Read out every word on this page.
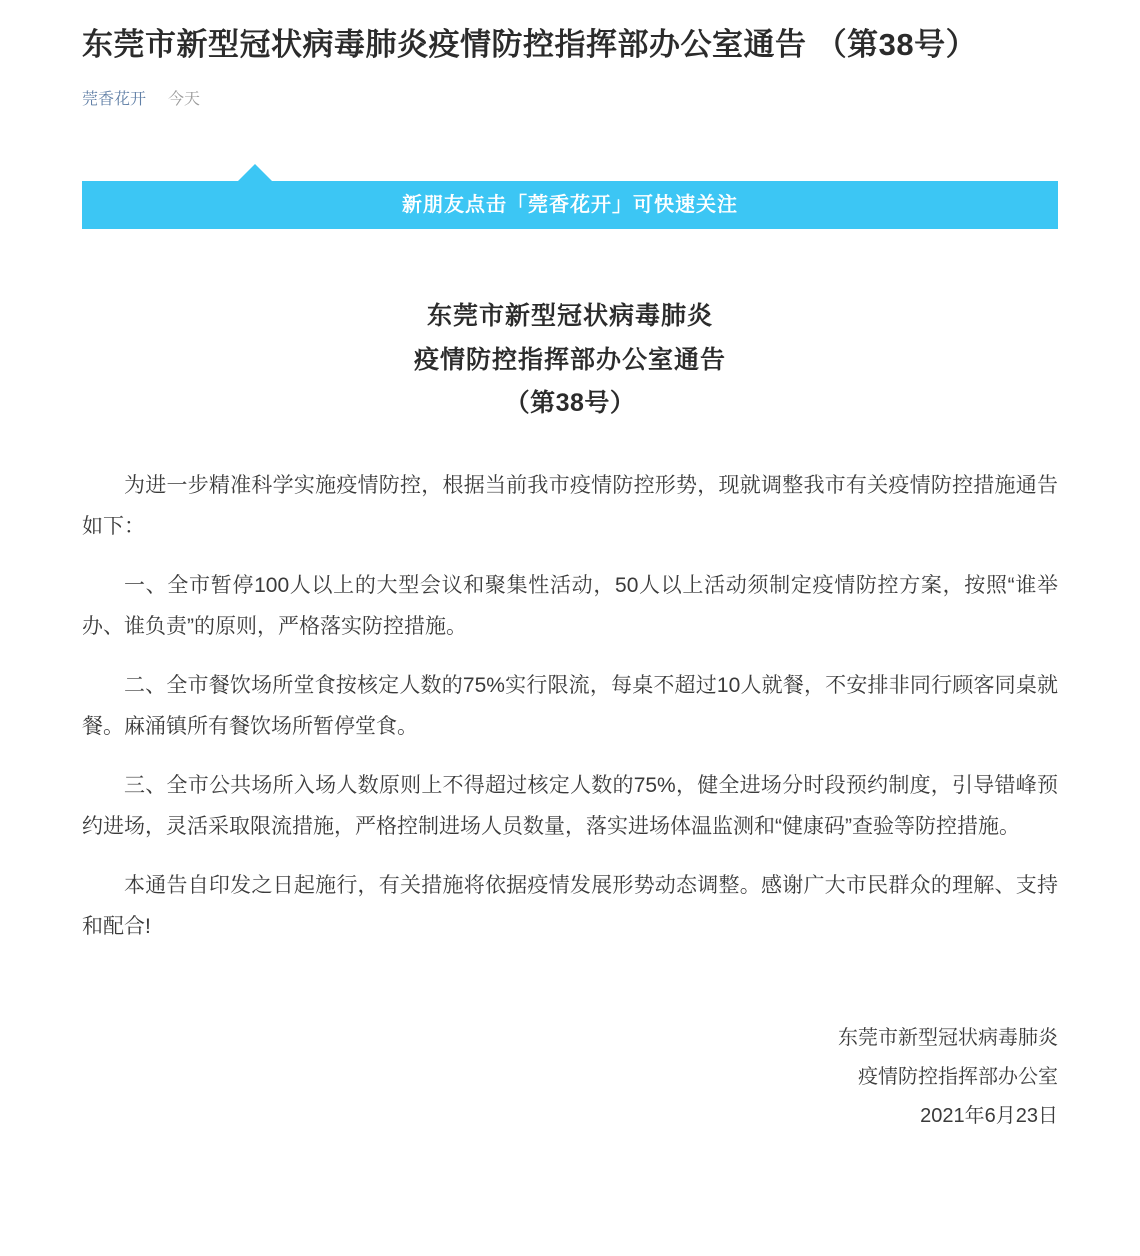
东莞市新型冠状病毒肺炎疫情防控指挥部办公室通告 （第38号）
莞香花开 今天
新朋友点击「莞香花开」可快速关注
东莞市新型冠状病毒肺炎
疫情防控指挥部办公室通告
（第38号）

为进一步精准科学实施疫情防控，根据当前我市疫情防控形势，现就调整我市有关疫情防控措施通告如下：

一、全市暂停100人以上的大型会议和聚集性活动，50人以上活动须制定疫情防控方案，按照“谁举办、谁负责”的原则，严格落实防控措施。

二、全市餐饮场所堂食按核定人数的75%实行限流，每桌不超过10人就餐，不安排非同行顾客同桌就餐。麻涌镇所有餐饮场所暂停堂食。

三、全市公共场所入场人数原则上不得超过核定人数的75%，健全进场分时段预约制度，引导错峰预约进场，灵活采取限流措施，严格控制进场人员数量，落实进场体温监测和“健康码”查验等防控措施。

本通告自印发之日起施行，有关措施将依据疫情发展形势动态调整。感谢广大市民群众的理解、支持和配合!

东莞市新型冠状病毒肺炎
疫情防控指挥部办公室
2021年6月23日
